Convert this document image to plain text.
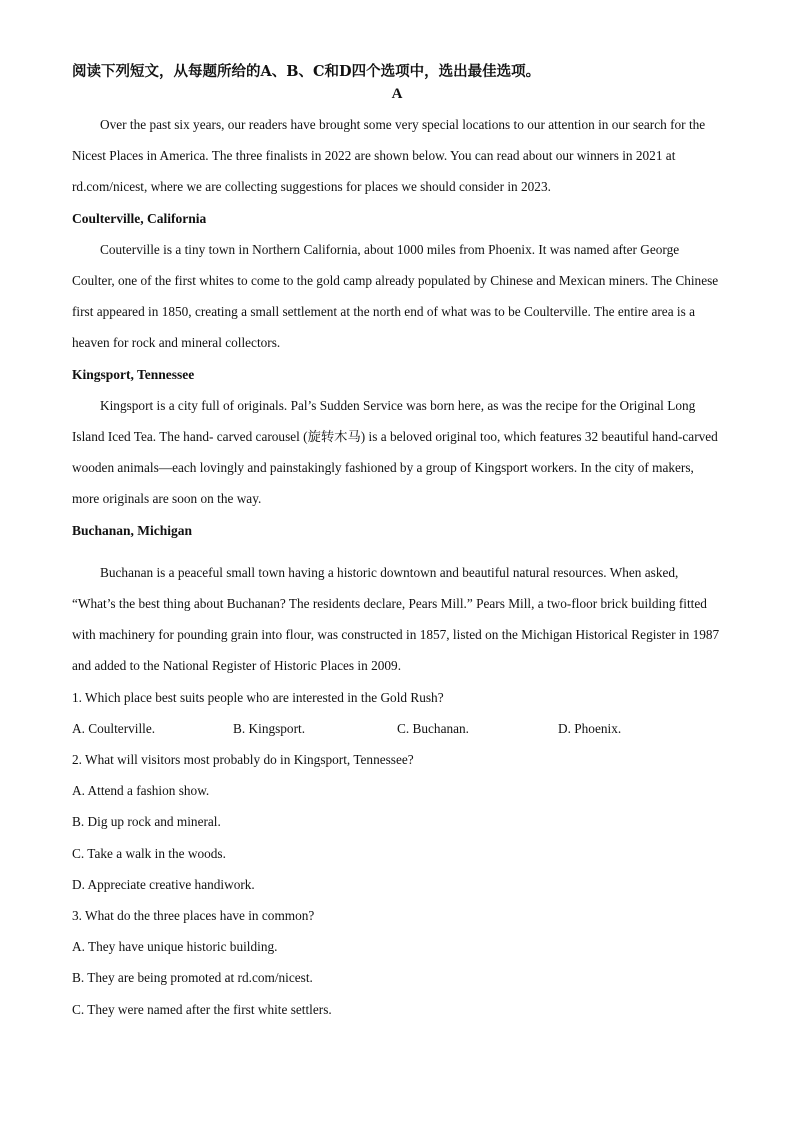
阅读下列短文，从每题所给的A、B、C和D四个选项中，选出最佳选项。
A

Over the past six years, our readers have brought some very special locations to our attention in our search for the Nicest Places in America. The three finalists in 2022 are shown below. You can read about our winners in 2021 at rd.com/nicest, where we are collecting suggestions for places we should consider in 2023.

Coulterville, California

Couterville is a tiny town in Northern California, about 1000 miles from Phoenix. It was named after George Coulter, one of the first whites to come to the gold camp already populated by Chinese and Mexican miners. The Chinese first appeared in 1850, creating a small settlement at the north end of what was to be Coulterville. The entire area is a heaven for rock and mineral collectors.

Kingsport, Tennessee

Kingsport is a city full of originals. Pal’s Sudden Service was born here, as was the recipe for the Original Long Island Iced Tea. The hand- carved carousel (旋转木马) is a beloved original too, which features 32 beautiful hand-carved wooden animals—each lovingly and painstakingly fashioned by a group of Kingsport workers. In the city of makers, more originals are soon on the way.

Buchanan, Michigan

Buchanan is a peaceful small town having a historic downtown and beautiful natural resources. When asked, “What’s the best thing about Buchanan? The residents declare, Pears Mill.” Pears Mill, a two-floor brick building fitted with machinery for pounding grain into flour, was constructed in 1857, listed on the Michigan Historical Register in 1987 and added to the National Register of Historic Places in 2009.

1. Which place best suits people who are interested in the Gold Rush?

A. Coulterville.	B. Kingsport.	C. Buchanan.	D. Phoenix.

2. What will visitors most probably do in Kingsport, Tennessee?

A. Attend a fashion show.

B. Dig up rock and mineral.

C. Take a walk in the woods.

D. Appreciate creative handiwork.

3. What do the three places have in common?

A. They have unique historic building.

B. They are being promoted at rd.com/nicest.

C. They were named after the first white settlers.
